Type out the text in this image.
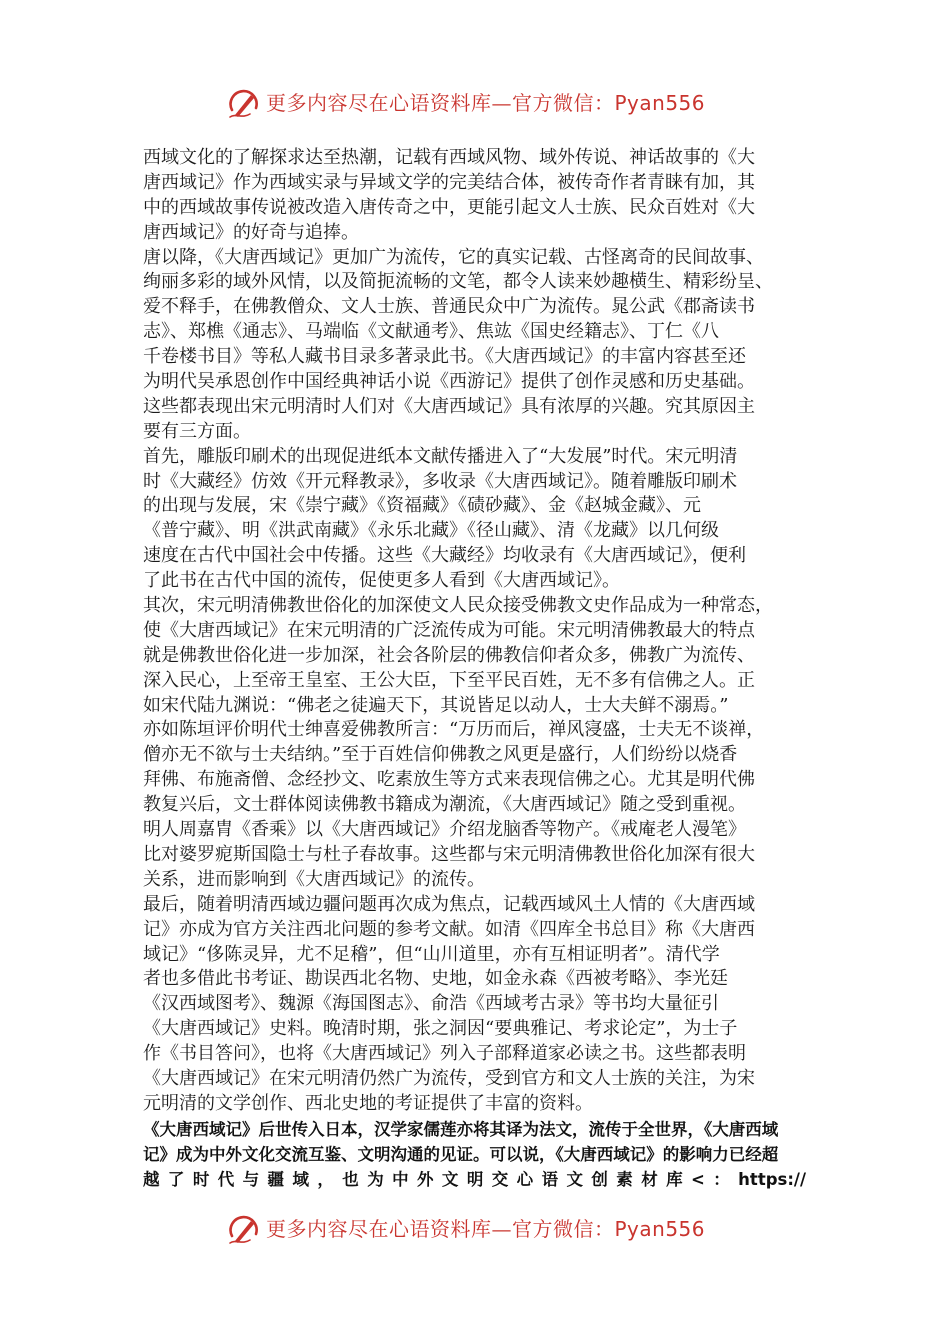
更多内容尽在心语资料库—官方微信：Pyan556
西域文化的了解探求达至热潮，记载有西域风物、域外传说、神话故事的《大
唐西域记》作为西域实录与异域文学的完美结合体，被传奇作者青睐有加，其
中的西域故事传说被改造入唐传奇之中，更能引起文人士族、民众百姓对《大
唐西域记》的好奇与追捧。
唐以降，《大唐西域记》更加广为流传，它的真实记载、古怪离奇的民间故事、
绚丽多彩的域外风情，以及简扼流畅的文笔，都令人读来妙趣横生、精彩纷呈、
爱不释手，在佛教僧众、文人士族、普通民众中广为流传。晁公武《郡斋读书
志》、郑樵《通志》、马端临《文献通考》、焦竑《国史经籍志》、丁仁《八
千卷楼书目》等私人藏书目录多著录此书。《大唐西域记》的丰富内容甚至还
为明代吴承恩创作中国经典神话小说《西游记》提供了创作灵感和历史基础。
这些都表现出宋元明清时人们对《大唐西域记》具有浓厚的兴趣。究其原因主
要有三方面。
首先，雕版印刷术的出现促进纸本文献传播进入了“大发展”时代。宋元明清
时《大藏经》仿效《开元释教录》，多收录《大唐西域记》。随着雕版印刷术
的出现与发展，宋《崇宁藏》《资福藏》《碛砂藏》、金《赵城金藏》、元
《普宁藏》、明《洪武南藏》《永乐北藏》《径山藏》、清《龙藏》以几何级
速度在古代中国社会中传播。这些《大藏经》均收录有《大唐西域记》，便利
了此书在古代中国的流传，促使更多人看到《大唐西域记》。
其次，宋元明清佛教世俗化的加深使文人民众接受佛教文史作品成为一种常态，
使《大唐西域记》在宋元明清的广泛流传成为可能。宋元明清佛教最大的特点
就是佛教世俗化进一步加深，社会各阶层的佛教信仰者众多，佛教广为流传、
深入民心，上至帝王皇室、王公大臣，下至平民百姓，无不多有信佛之人。正
如宋代陆九渊说：“佛老之徒遍天下，其说皆足以动人，士大夫鲜不溺焉。”
亦如陈垣评价明代士绅喜爱佛教所言：“万历而后，禅风寖盛，士夫无不谈禅，
僧亦无不欲与士夫结纳。”至于百姓信仰佛教之风更是盛行，人们纷纷以烧香
拜佛、布施斋僧、念经抄文、吃素放生等方式来表现信佛之心。尤其是明代佛
教复兴后，文士群体阅读佛教书籍成为潮流，《大唐西域记》随之受到重视。
明人周嘉胄《香乘》以《大唐西域记》介绍龙脑香等物产。《戒庵老人漫笔》
比对婆罗痆斯国隐士与杜子春故事。这些都与宋元明清佛教世俗化加深有很大
关系，进而影响到《大唐西域记》的流传。
最后，随着明清西域边疆问题再次成为焦点，记载西域风土人情的《大唐西域
记》亦成为官方关注西北问题的参考文献。如清《四库全书总目》称《大唐西
域记》“侈陈灵异，尤不足稽”，但“山川道里，亦有互相证明者”。清代学
者也多借此书考证、勘误西北名物、史地，如金永森《西被考略》、李光廷
《汉西域图考》、魏源《海国图志》、俞浩《西域考古录》等书均大量征引
《大唐西域记》史料。晚清时期，张之洞因“要典雅记、考求论定”，为士子
作《书目答问》，也将《大唐西域记》列入子部释道家必读之书。这些都表明
《大唐西域记》在宋元明清仍然广为流传，受到官方和文人士族的关注，为宋
元明清的文学创作、西北史地的考证提供了丰富的资料。
《大唐西域记》后世传入日本，汉学家儒莲亦将其译为法文，流传于全世界，《大唐西域
记》成为中外文化交流互鉴、文明沟通的见证。可以说，《大唐西域记》的影响力已经超
越了时代与疆域，也为中外文明交心语文创素材库<：https://
更多内容尽在心语资料库—官方微信：Pyan556
